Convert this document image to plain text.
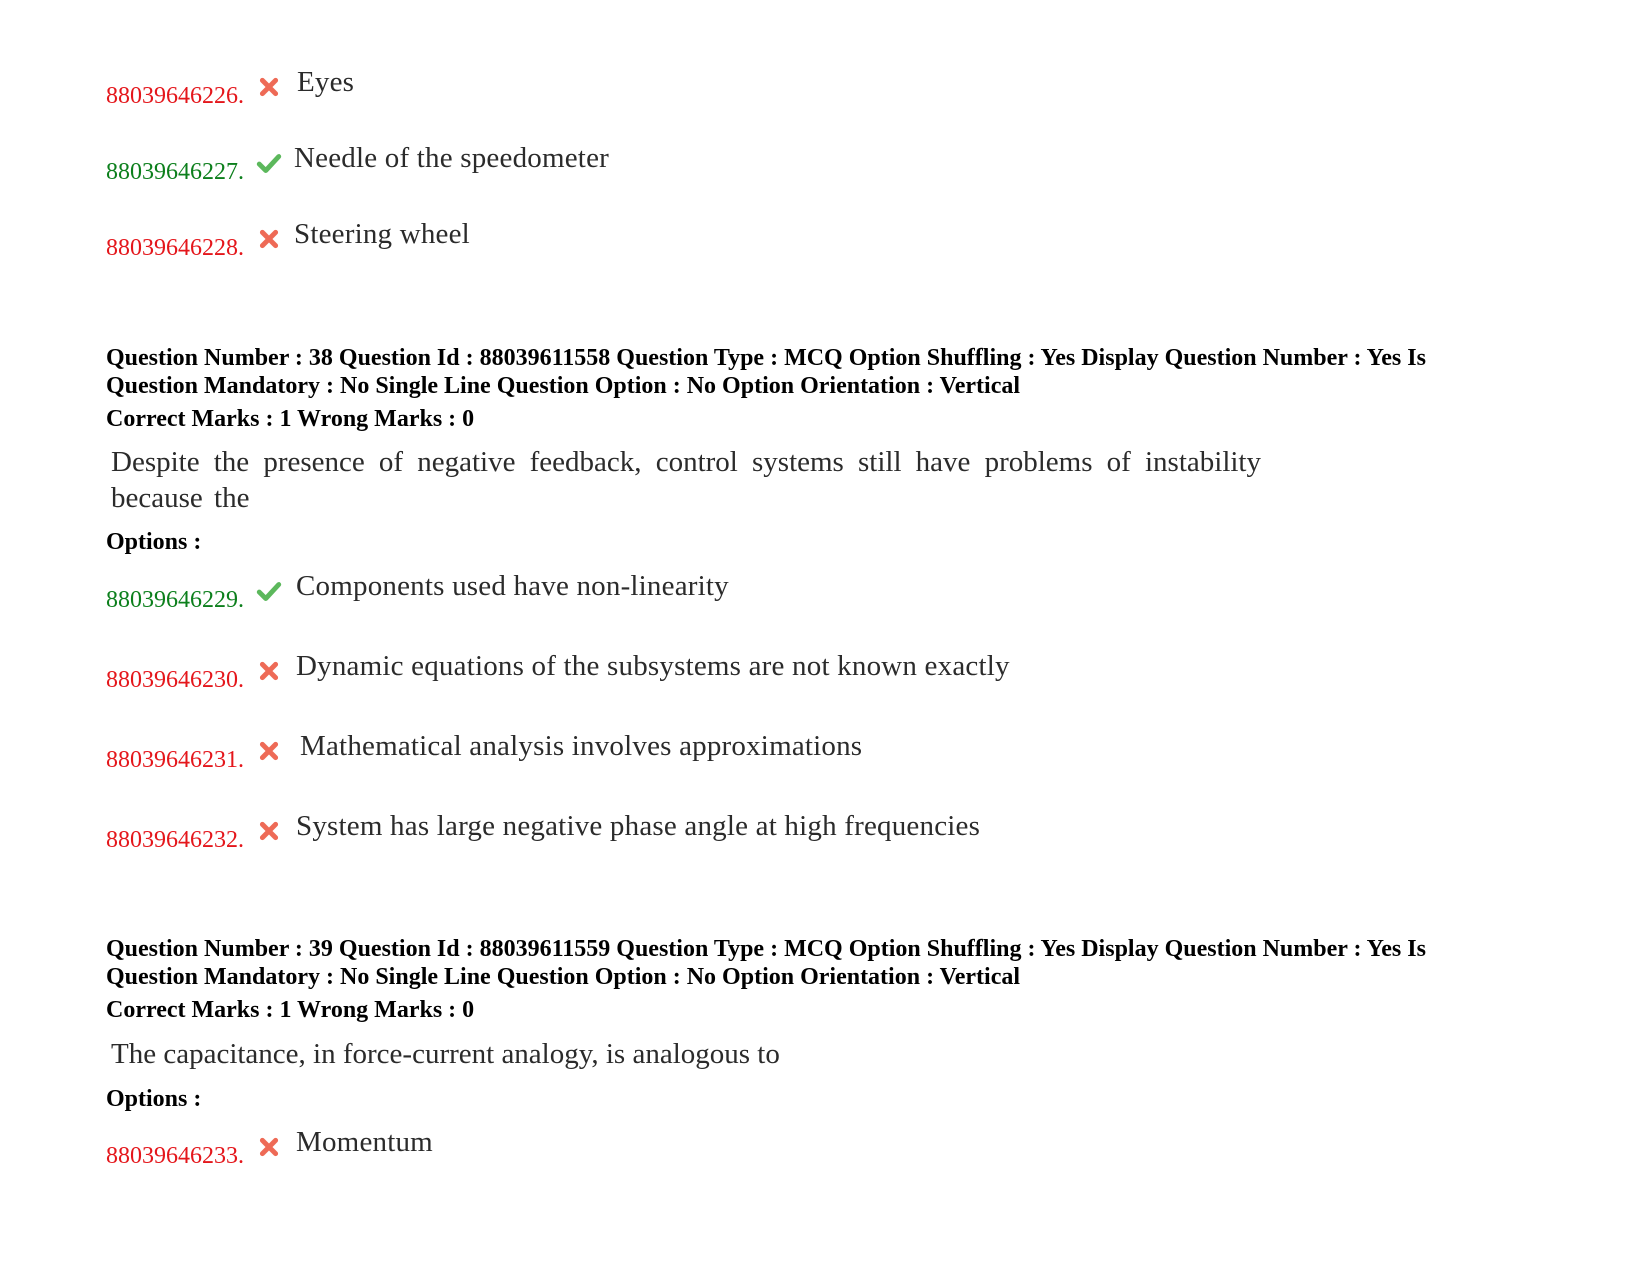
88039646226. Eyes
88039646227. Needle of the speedometer
88039646228. Steering wheel
Question Number : 38 Question Id : 88039611558 Question Type : MCQ Option Shuffling : Yes Display Question Number : Yes Is
Question Mandatory : No Single Line Question Option : No Option Orientation : Vertical
Correct Marks : 1 Wrong Marks : 0
Despite the presence of negative feedback, control systems still have problems of instability because the
Options :
88039646229. Components used have non-linearity
88039646230. Dynamic equations of the subsystems are not known exactly
88039646231. Mathematical analysis involves approximations
88039646232. System has large negative phase angle at high frequencies
Question Number : 39 Question Id : 88039611559 Question Type : MCQ Option Shuffling : Yes Display Question Number : Yes Is
Question Mandatory : No Single Line Question Option : No Option Orientation : Vertical
Correct Marks : 1 Wrong Marks : 0
The capacitance, in force-current analogy, is analogous to
Options :
88039646233. Momentum
